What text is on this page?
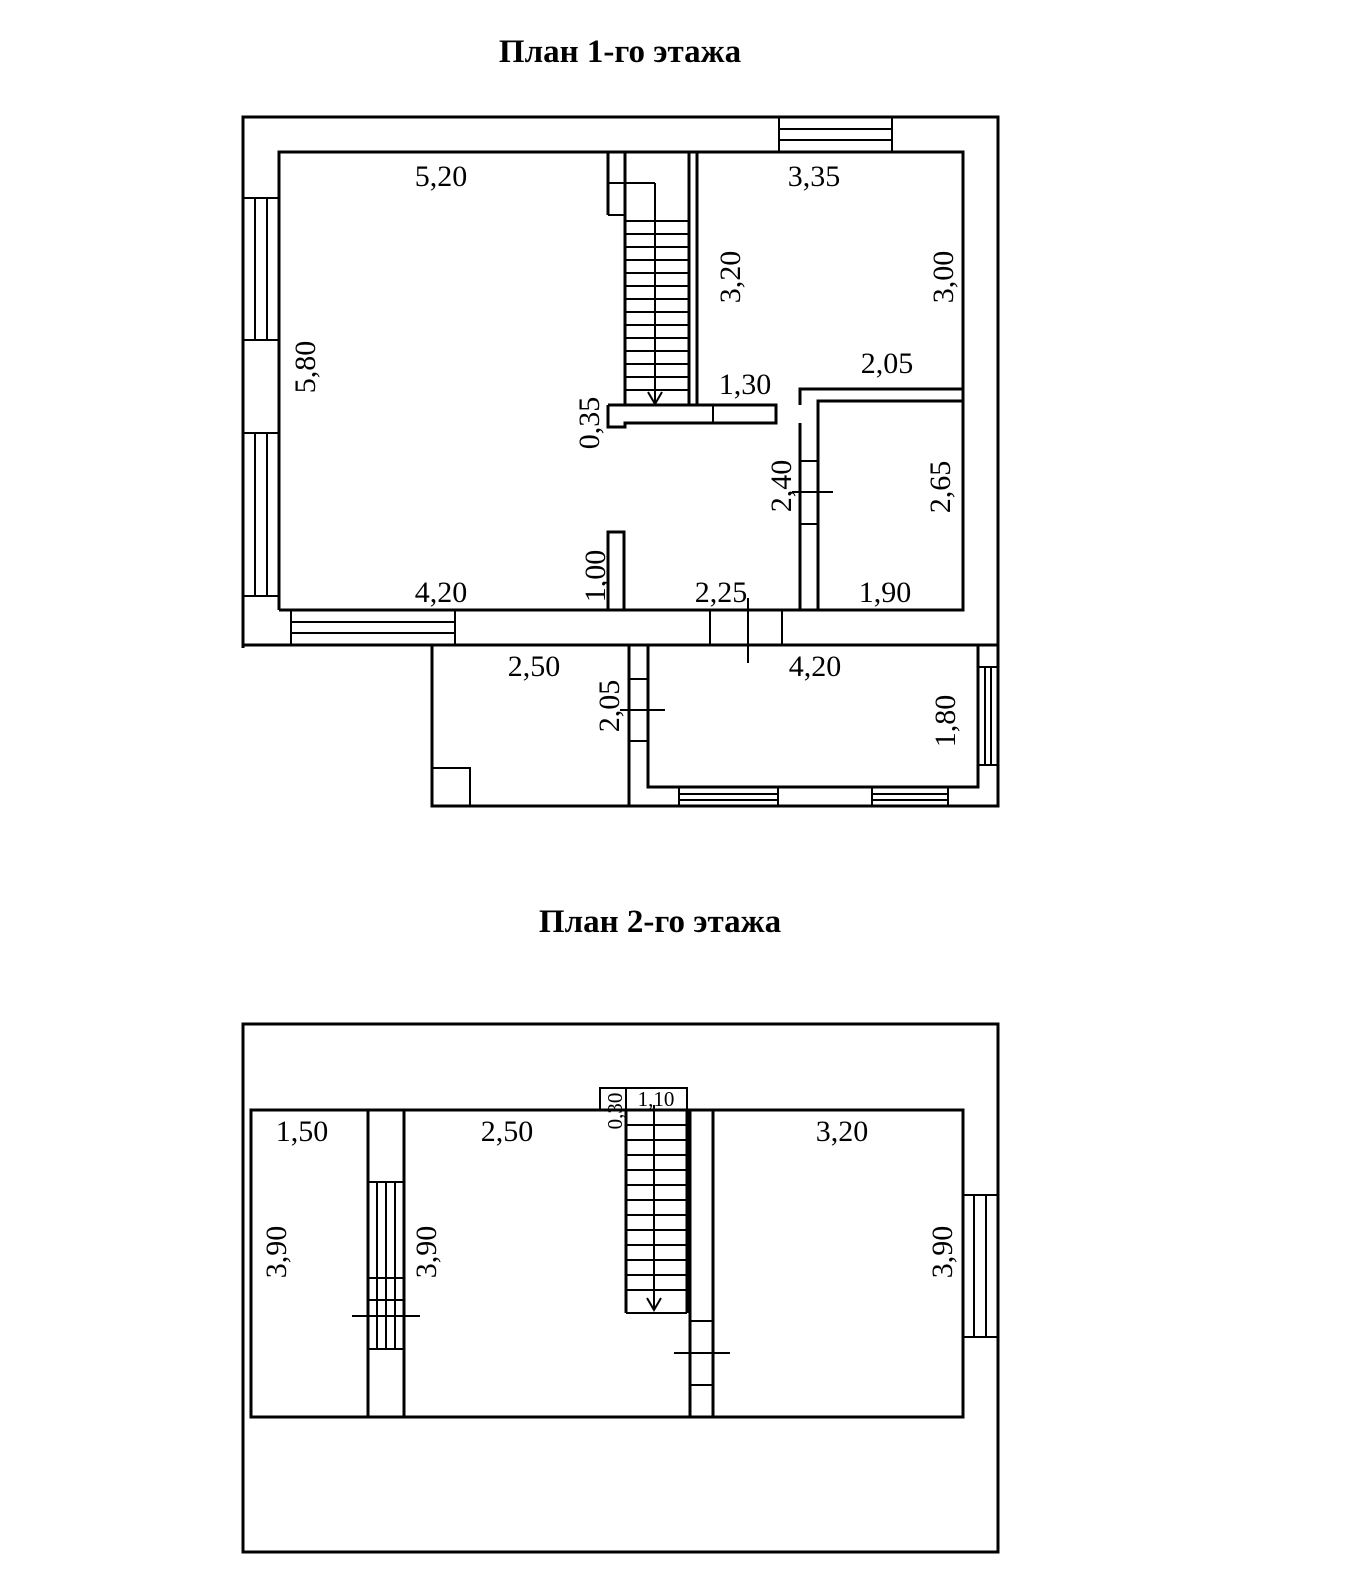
План 1-го этажа
План 2-го этажа
5,20	3,35
5,80
3,20	3,00
2,05
1,30
0,35
2,40	2,65
1,00
4,20	2,25	1,90
2,50	4,20
2,05	1,80
1,50	2,50	3,20
1,10
0,30
3,90	3,90	3,90
